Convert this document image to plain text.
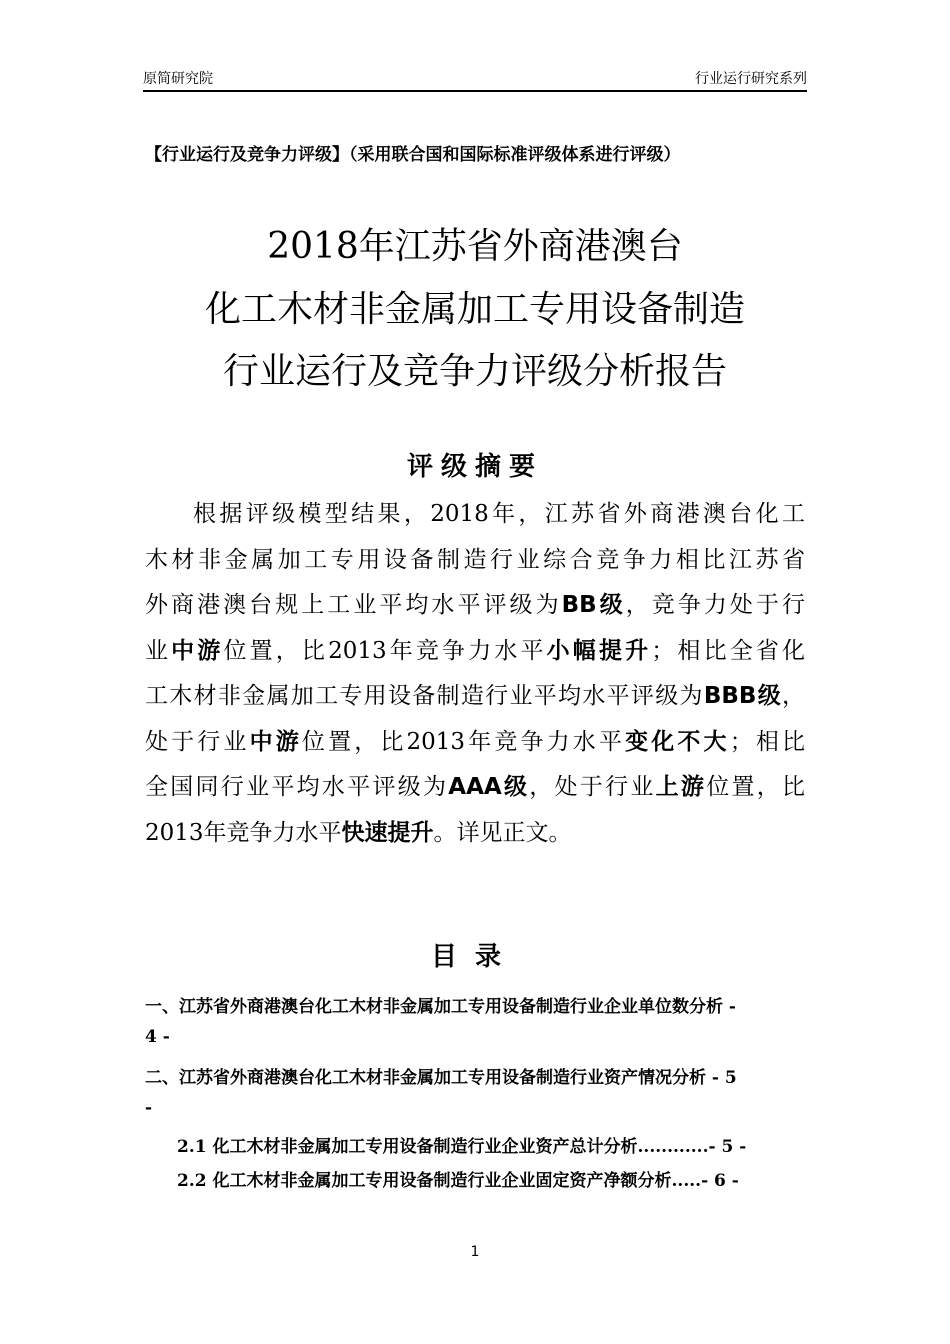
原简研究院	行业运行研究系列
【行业运行及竞争力评级】（采用联合国和国际标准评级体系进行评级）
2018年江苏省外商港澳台
化工木材非金属加工专用设备制造
行业运行及竞争力评级分析报告
评级摘要
根据评级模型结果，2018年，江苏省外商港澳台化工
木材非金属加工专用设备制造行业综合竞争力相比江苏省
外商港澳台规上工业平均水平评级为BB级，竞争力处于行
业中游位置，比2013年竞争力水平小幅提升；相比全省化
工木材非金属加工专用设备制造行业平均水平评级为BBB级，
处于行业中游位置，比2013年竞争力水平变化不大；相比
全国同行业平均水平评级为AAA级，处于行业上游位置，比
2013年竞争力水平快速提升。详见正文。
目录
一、江苏省外商港澳台化工木材非金属加工专用设备制造行业企业单位数分析 -
4 -
二、江苏省外商港澳台化工木材非金属加工专用设备制造行业资产情况分析 - 5
-
2.1 化工木材非金属加工专用设备制造行业企业资产总计分析............- 5 -
2.2 化工木材非金属加工专用设备制造行业企业固定资产净额分析.....- 6 -
1
